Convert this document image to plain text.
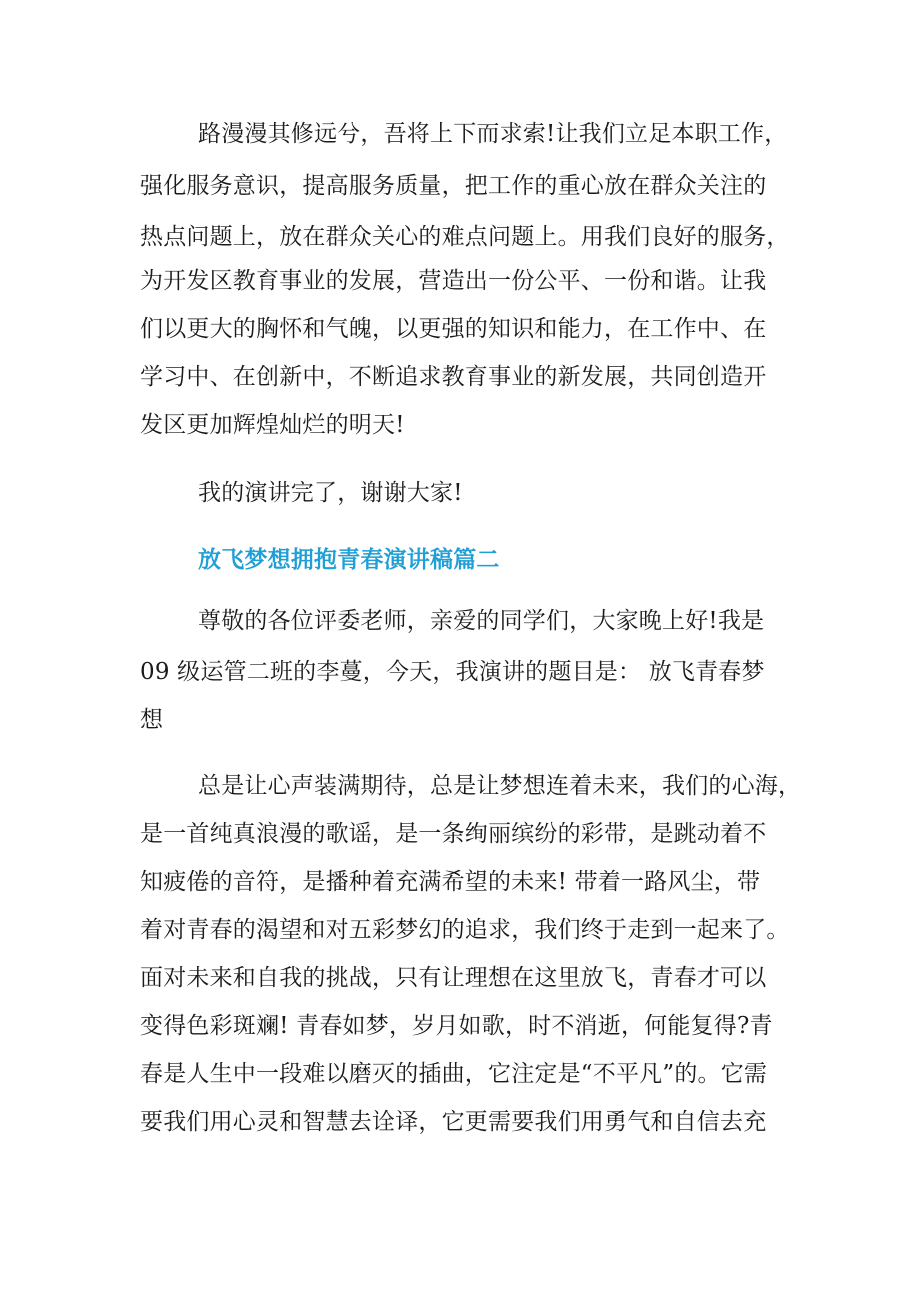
路漫漫其修远兮，吾将上下而求索!让我们立足本职工作，
强化服务意识，提高服务质量，把工作的重心放在群众关注的
热点问题上，放在群众关心的难点问题上。用我们良好的服务，
为开发区教育事业的发展，营造出一份公平、一份和谐。让我
们以更大的胸怀和气魄，以更强的知识和能力，在工作中、在
学习中、在创新中，不断追求教育事业的新发展，共同创造开
发区更加辉煌灿烂的明天!
我的演讲完了，谢谢大家!
放飞梦想拥抱青春演讲稿篇二
尊敬的各位评委老师，亲爱的同学们，大家晚上好!我是
09 级运管二班的李蔓，今天，我演讲的题目是： 放飞青春梦
想
总是让心声装满期待，总是让梦想连着未来，我们的心海，
是一首纯真浪漫的歌谣，是一条绚丽缤纷的彩带，是跳动着不
知疲倦的音符，是播种着充满希望的未来! 带着一路风尘，带
着对青春的渴望和对五彩梦幻的追求，我们终于走到一起来了。
面对未来和自我的挑战，只有让理想在这里放飞，青春才可以
变得色彩斑斓! 青春如梦，岁月如歌，时不消逝，何能复得?青
春是人生中一段难以磨灭的插曲，它注定是“不平凡”的。它需
要我们用心灵和智慧去诠译，它更需要我们用勇气和自信去充
